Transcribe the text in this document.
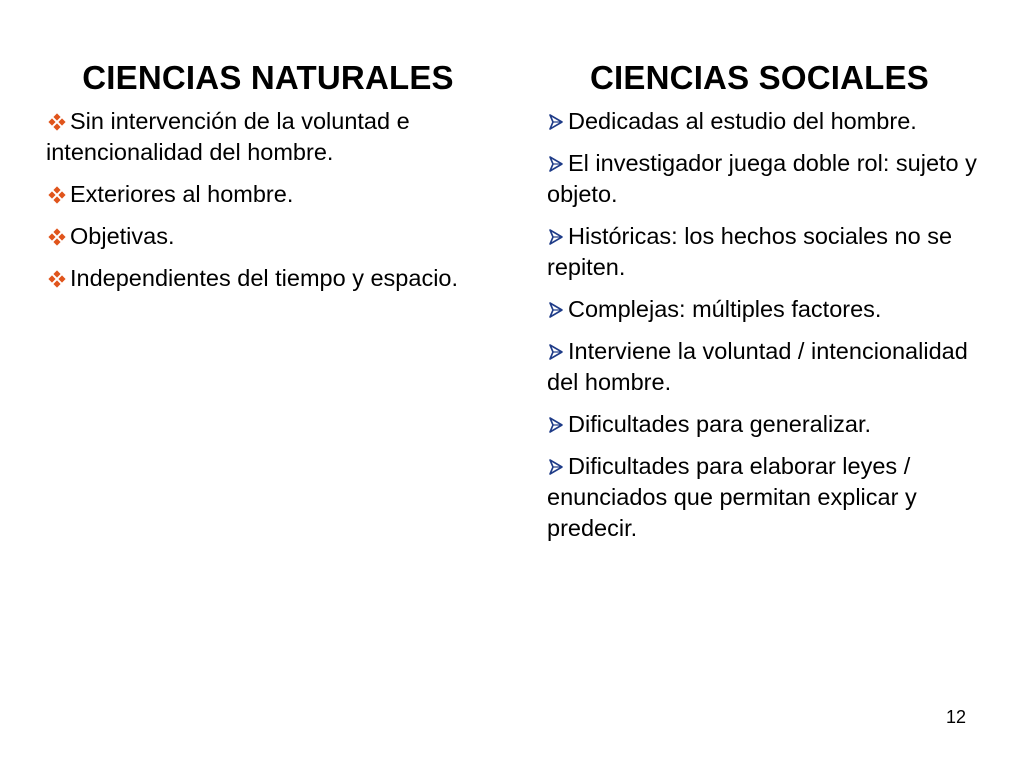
CIENCIAS NATURALES
Sin intervención de la voluntad e intencionalidad del hombre.
Exteriores al hombre.
Objetivas.
Independientes del tiempo y espacio.
CIENCIAS SOCIALES
Dedicadas al estudio del hombre.
El investigador juega doble rol: sujeto y objeto.
Históricas: los hechos sociales no se repiten.
Complejas: múltiples factores.
Interviene la voluntad / intencionalidad del hombre.
Dificultades para generalizar.
Dificultades para elaborar leyes / enunciados que permitan explicar y predecir.
12
